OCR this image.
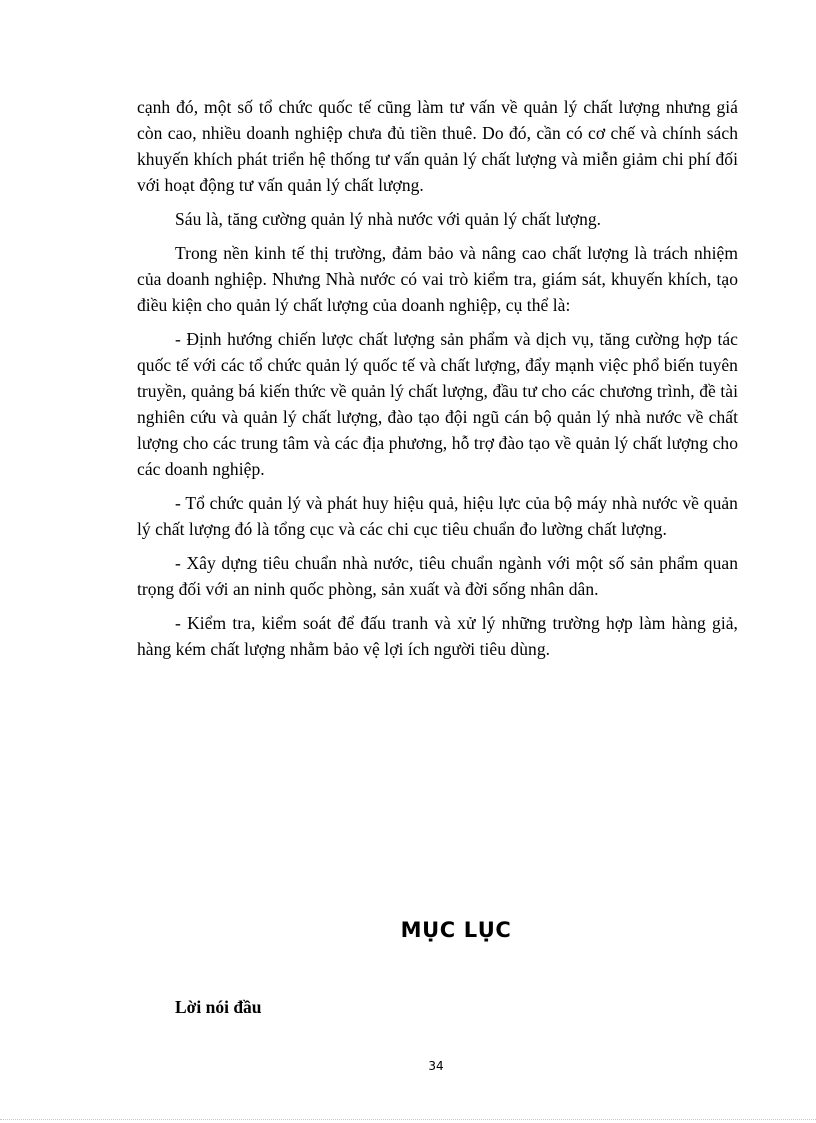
cạnh đó, một số tổ chức quốc tế cũng làm tư vấn về quản lý chất lượng nhưng giá còn cao, nhiều doanh nghiệp chưa đủ tiền thuê. Do đó, cần có cơ chế và chính sách khuyến khích phát triển hệ thống tư vấn quản lý chất lượng và miễn giảm chi phí đối với hoạt động tư vấn quản lý chất lượng.

Sáu là, tăng cường quản lý nhà nước với quản lý chất lượng.

Trong nền kinh tế thị trường, đảm bảo và nâng cao chất lượng là trách nhiệm của doanh nghiệp. Nhưng Nhà nước có vai trò kiểm tra, giám sát, khuyến khích, tạo điều kiện cho quản lý chất lượng của doanh nghiệp, cụ thể là:

- Định hướng chiến lược chất lượng sản phẩm và dịch vụ, tăng cường hợp tác quốc tế với các tổ chức quản lý quốc tế và chất lượng, đẩy mạnh việc phổ biến tuyên truyền, quảng bá kiến thức về quản lý chất lượng, đầu tư cho các chương trình, đề tài nghiên cứu và quản lý chất lượng, đào tạo đội ngũ cán bộ quản lý nhà nước về chất lượng cho các trung tâm và các địa phương, hỗ trợ đào tạo về quản lý chất lượng cho các doanh nghiệp.

- Tổ chức quản lý và phát huy hiệu quả, hiệu lực của bộ máy nhà nước về quản lý chất lượng đó là tổng cục và các chi cục tiêu chuẩn đo lường chất lượng.

- Xây dựng tiêu chuẩn nhà nước, tiêu chuẩn ngành với một số sản phẩm quan trọng đối với an ninh quốc phòng, sản xuất và đời sống nhân dân.

- Kiểm tra, kiểm soát để đấu tranh và xử lý những trường hợp làm hàng giả, hàng kém chất lượng nhằm bảo vệ lợi ích người tiêu dùng.

MỤC LỤC
Lời nói đầu
34
